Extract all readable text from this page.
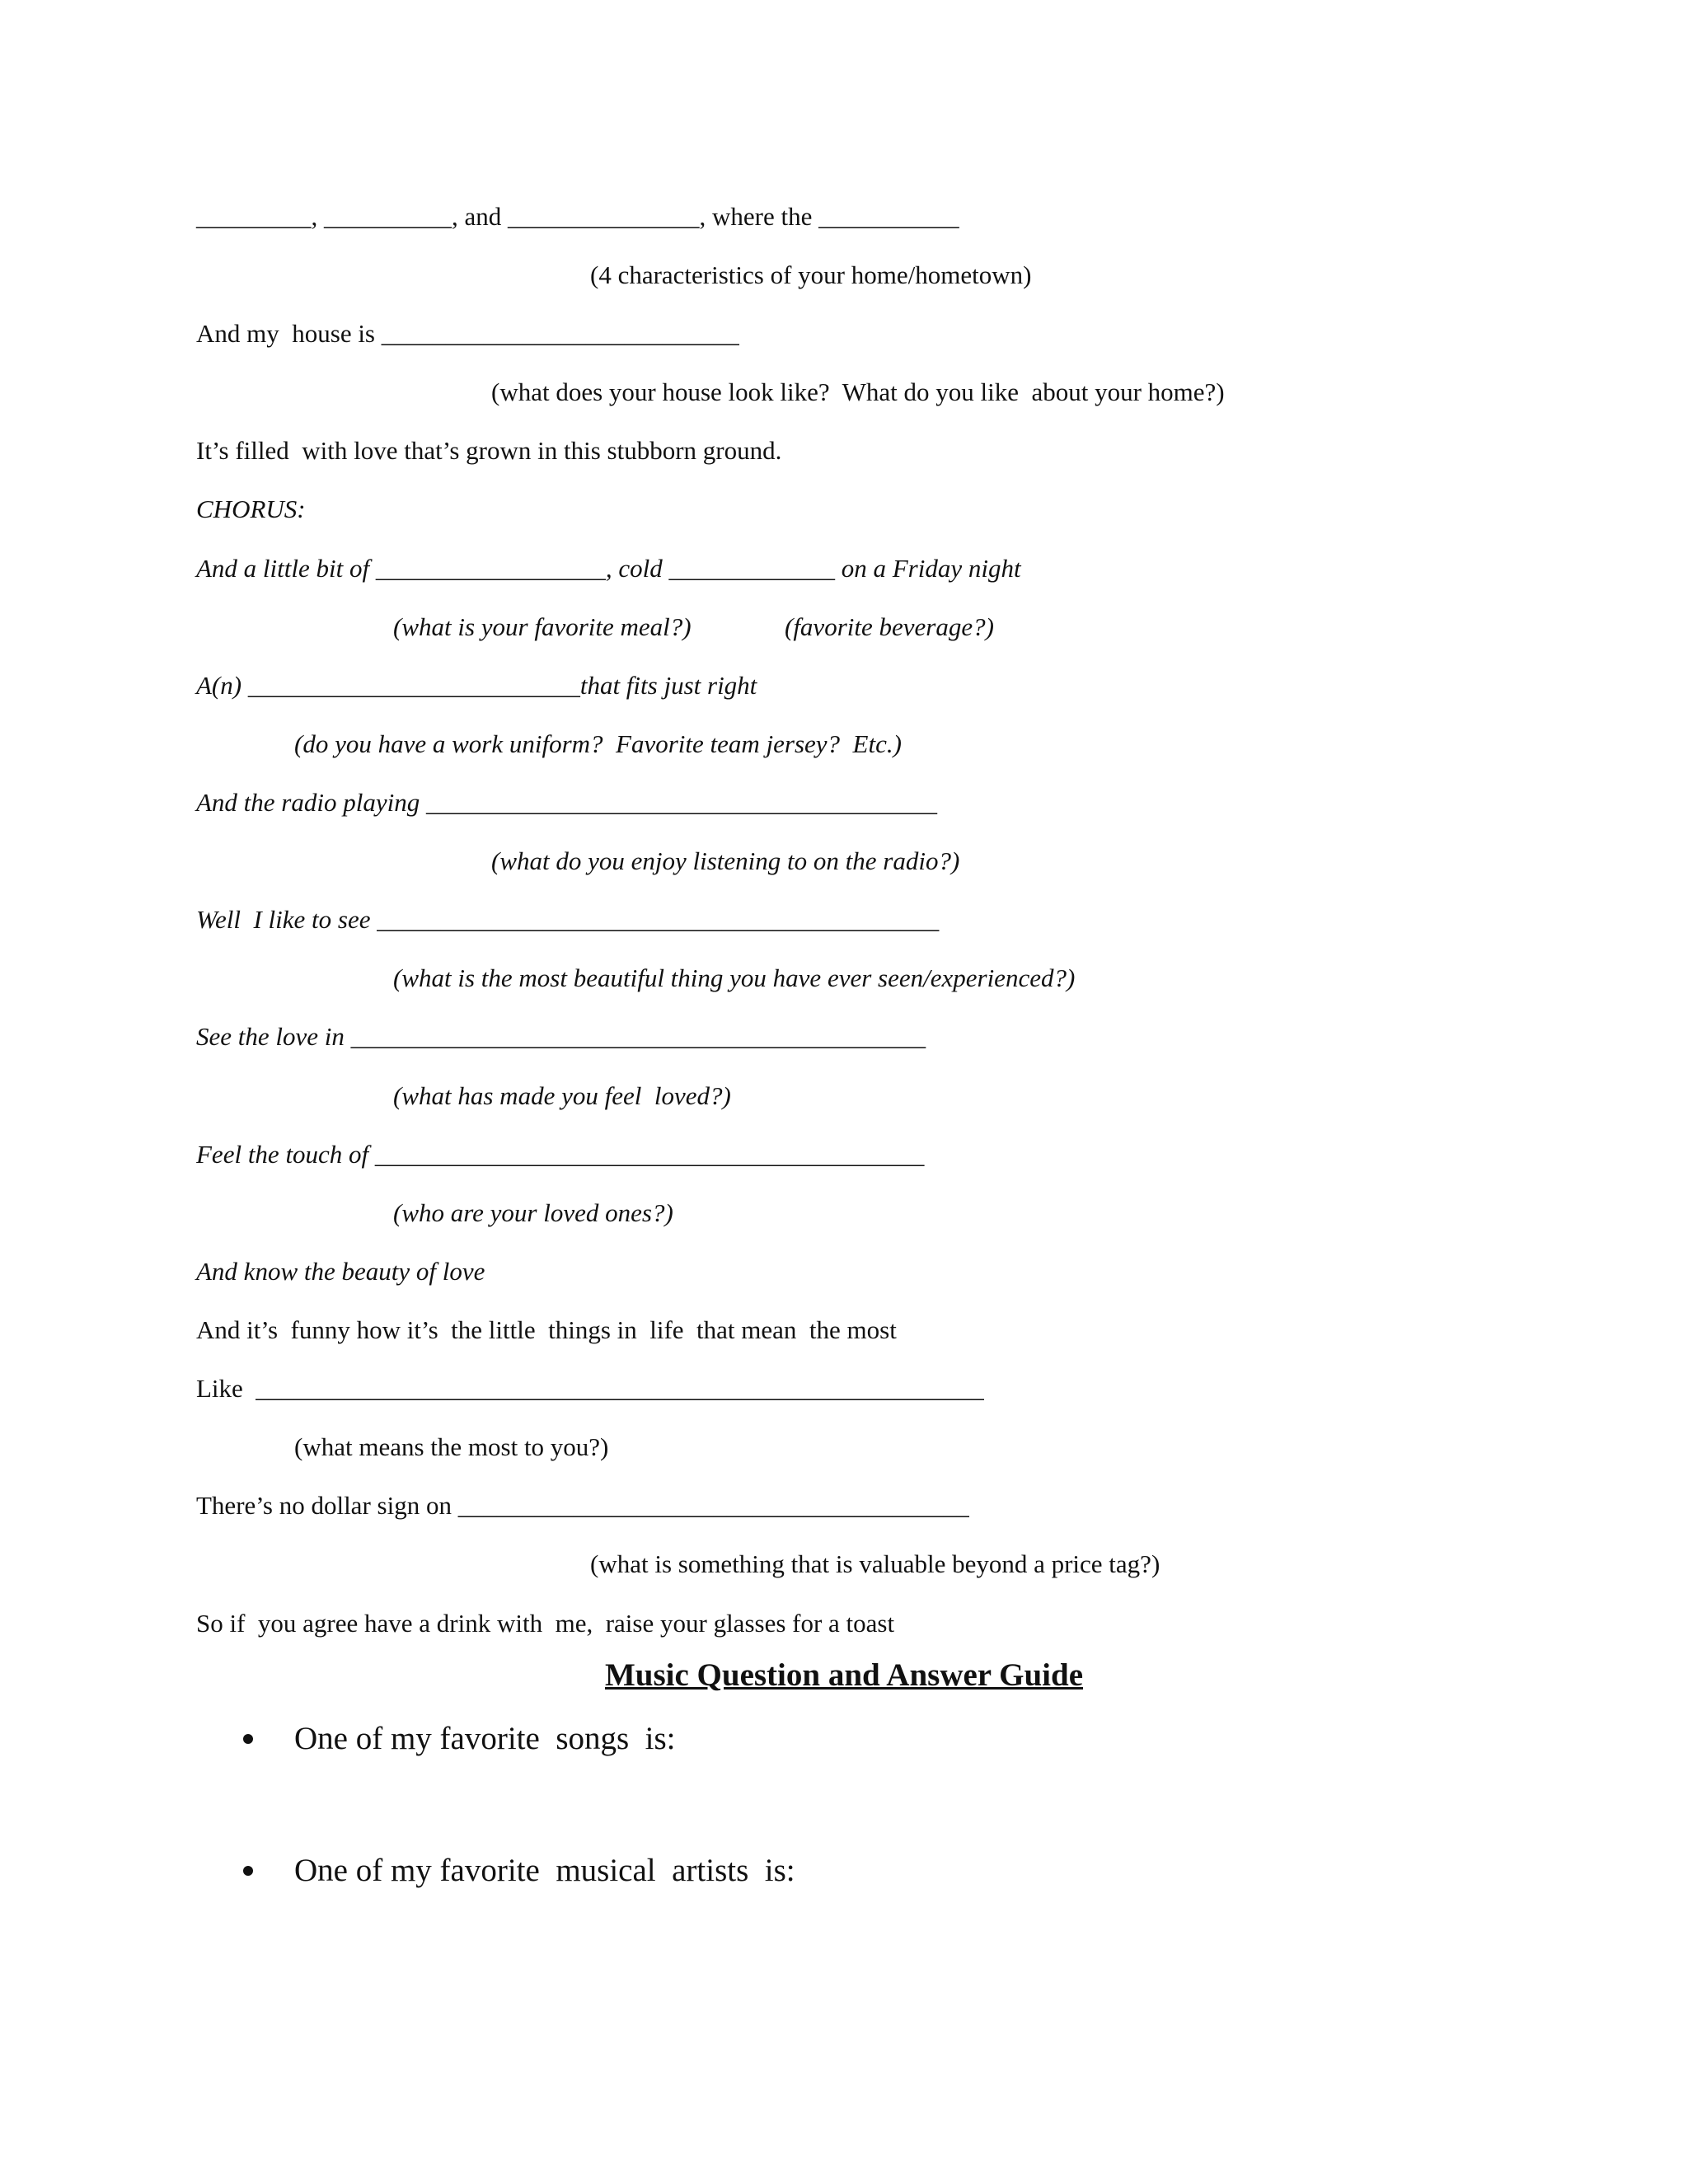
_________, __________, and _______________, where the ___________

(4 characteristics of your home/hometown)

And my  house is ____________________________

(what does your house look like?  What do you like  about your home?)

It’s filled  with love that’s grown in this stubborn ground.

CHORUS:

And a little bit of __________________, cold _____________ on a Friday night

(what is your favorite meal?)	(favorite beverage?)

A(n) __________________________that fits just right

(do you have a work uniform?  Favorite team jersey?  Etc.)

And the radio playing ________________________________________

(what do you enjoy listening to on the radio?)

Well  I like to see ____________________________________________

(what is the most beautiful thing you have ever seen/experienced?)

See the love in _____________________________________________

(what has made you feel  loved?)

Feel the touch of ___________________________________________

(who are your loved ones?)

And know the beauty of love

And it’s  funny how it’s  the little  things in  life  that mean  the most

Like  _________________________________________________________

(what means the most to you?)

There’s no dollar sign on ________________________________________

(what is something that is valuable beyond a price tag?)

So if  you agree have a drink with  me,  raise your glasses for a toast

Music Question and Answer Guide

One of my favorite  songs  is:

One of my favorite  musical  artists  is:
